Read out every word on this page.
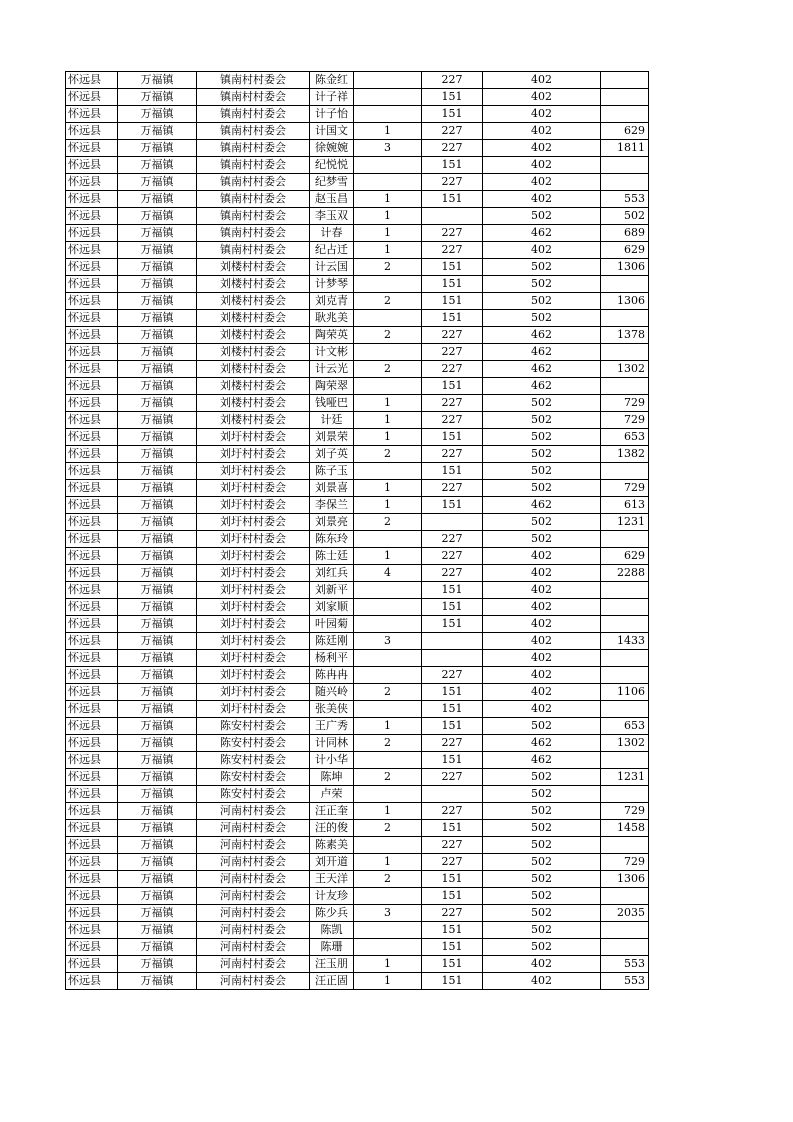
怀远县	万福镇	镇南村村委会	陈金红		227	402	
怀远县	万福镇	镇南村村委会	计子祥		151	402	
怀远县	万福镇	镇南村村委会	计子怡		151	402	
怀远县	万福镇	镇南村村委会	计国文	1	227	402	629
怀远县	万福镇	镇南村村委会	徐婉婉	3	227	402	1811
怀远县	万福镇	镇南村村委会	纪悦悦		151	402	
怀远县	万福镇	镇南村村委会	纪梦雪		227	402	
怀远县	万福镇	镇南村村委会	赵玉昌	1	151	402	553
怀远县	万福镇	镇南村村委会	李玉双	1		502	502
怀远县	万福镇	镇南村村委会	计春	1	227	462	689
怀远县	万福镇	镇南村村委会	纪占迁	1	227	402	629
怀远县	万福镇	刘楼村村委会	计云国	2	151	502	1306
怀远县	万福镇	刘楼村村委会	计梦琴		151	502	
怀远县	万福镇	刘楼村村委会	刘克青	2	151	502	1306
怀远县	万福镇	刘楼村村委会	耿兆美		151	502	
怀远县	万福镇	刘楼村村委会	陶荣英	2	227	462	1378
怀远县	万福镇	刘楼村村委会	计文彬		227	462	
怀远县	万福镇	刘楼村村委会	计云光	2	227	462	1302
怀远县	万福镇	刘楼村村委会	陶荣翠		151	462	
怀远县	万福镇	刘楼村村委会	钱哑巴	1	227	502	729
怀远县	万福镇	刘楼村村委会	计廷	1	227	502	729
怀远县	万福镇	刘圩村村委会	刘景荣	1	151	502	653
怀远县	万福镇	刘圩村村委会	刘子英	2	227	502	1382
怀远县	万福镇	刘圩村村委会	陈子玉		151	502	
怀远县	万福镇	刘圩村村委会	刘景喜	1	227	502	729
怀远县	万福镇	刘圩村村委会	李保兰	1	151	462	613
怀远县	万福镇	刘圩村村委会	刘景亮	2		502	1231
怀远县	万福镇	刘圩村村委会	陈东玲		227	502	
怀远县	万福镇	刘圩村村委会	陈士廷	1	227	402	629
怀远县	万福镇	刘圩村村委会	刘红兵	4	227	402	2288
怀远县	万福镇	刘圩村村委会	刘新平		151	402	
怀远县	万福镇	刘圩村村委会	刘家顺		151	402	
怀远县	万福镇	刘圩村村委会	叶园菊		151	402	
怀远县	万福镇	刘圩村村委会	陈廷刚	3		402	1433
怀远县	万福镇	刘圩村村委会	杨利平			402	
怀远县	万福镇	刘圩村村委会	陈冉冉		227	402	
怀远县	万福镇	刘圩村村委会	随兴岭	2	151	402	1106
怀远县	万福镇	刘圩村村委会	张美侠		151	402	
怀远县	万福镇	陈安村村委会	王广秀	1	151	502	653
怀远县	万福镇	陈安村村委会	计同林	2	227	462	1302
怀远县	万福镇	陈安村村委会	计小华		151	462	
怀远县	万福镇	陈安村村委会	陈坤	2	227	502	1231
怀远县	万福镇	陈安村村委会	卢荣			502	
怀远县	万福镇	河南村村委会	汪正奎	1	227	502	729
怀远县	万福镇	河南村村委会	汪的俊	2	151	502	1458
怀远县	万福镇	河南村村委会	陈素美		227	502	
怀远县	万福镇	河南村村委会	刘开道	1	227	502	729
怀远县	万福镇	河南村村委会	王天洋	2	151	502	1306
怀远县	万福镇	河南村村委会	计友珍		151	502	
怀远县	万福镇	河南村村委会	陈少兵	3	227	502	2035
怀远县	万福镇	河南村村委会	陈凯		151	502	
怀远县	万福镇	河南村村委会	陈珊		151	502	
怀远县	万福镇	河南村村委会	汪玉朋	1	151	402	553
怀远县	万福镇	河南村村委会	汪正固	1	151	402	553
